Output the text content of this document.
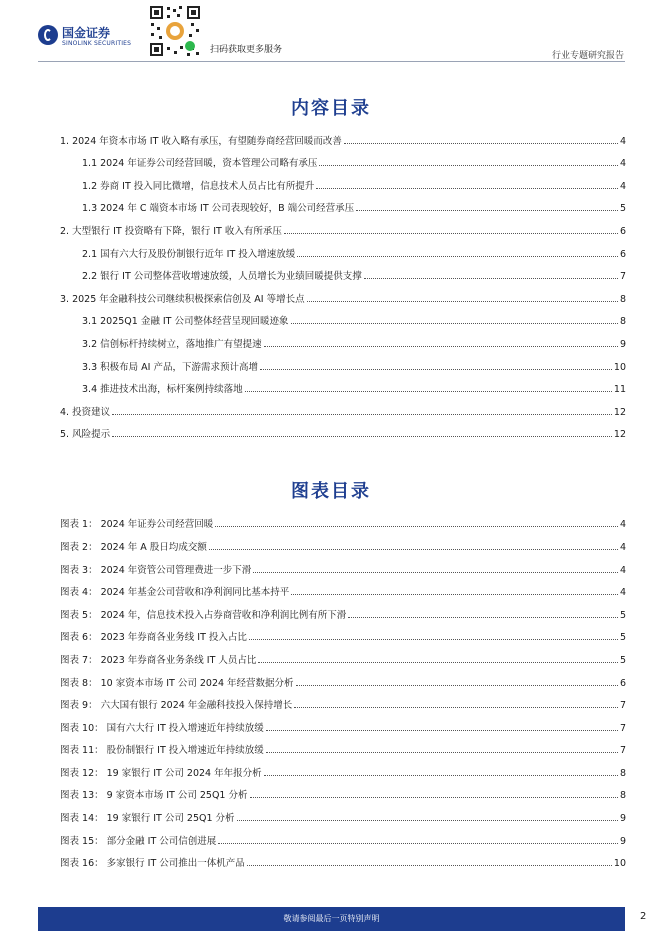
国金证券
SINOLINK SECURITIES
扫码获取更多服务
行业专题研究报告
内容目录
1. 2024 年资本市场 IT 收入略有承压，有望随券商经营回暖而改善	4
1.1 2024 年证券公司经营回暖，资本管理公司略有承压	4
1.2 券商 IT 投入同比微增，信息技术人员占比有所提升	4
1.3 2024 年 C 端资本市场 IT 公司表现较好，B 端公司经营承压	5
2. 大型银行 IT 投资略有下降，银行 IT 收入有所承压	6
2.1 国有六大行及股份制银行近年 IT 投入增速放缓	6
2.2 银行 IT 公司整体营收增速放缓，人员增长为业绩回暖提供支撑	7
3. 2025 年金融科技公司继续积极探索信创及 AI 等增长点	8
3.1 2025Q1 金融 IT 公司整体经营呈现回暖迹象	8
3.2 信创标杆持续树立，落地推广有望提速	9
3.3 积极布局 AI 产品，下游需求预计高增	10
3.4 推进技术出海，标杆案例持续落地	11
4. 投资建议	12
5. 风险提示	12
图表目录
图表 1： 2024 年证券公司经营回暖	4
图表 2： 2024 年 A 股日均成交额	4
图表 3： 2024 年资管公司管理费进一步下滑	4
图表 4： 2024 年基金公司营收和净利润同比基本持平	4
图表 5： 2024 年，信息技术投入占券商营收和净利润比例有所下滑	5
图表 6： 2023 年券商各业务线 IT 投入占比	5
图表 7： 2023 年券商各业务条线 IT 人员占比	5
图表 8： 10 家资本市场 IT 公司 2024 年经营数据分析	6
图表 9： 六大国有银行 2024 年金融科技投入保持增长	7
图表 10： 国有六大行 IT 投入增速近年持续放缓	7
图表 11： 股份制银行 IT 投入增速近年持续放缓	7
图表 12： 19 家银行 IT 公司 2024 年年报分析	8
图表 13： 9 家资本市场 IT 公司 25Q1 分析	8
图表 14： 19 家银行 IT 公司 25Q1 分析	9
图表 15： 部分金融 IT 公司信创进展	9
图表 16： 多家银行 IT 公司推出一体机产品	10
敬请参阅最后一页特别声明	2
